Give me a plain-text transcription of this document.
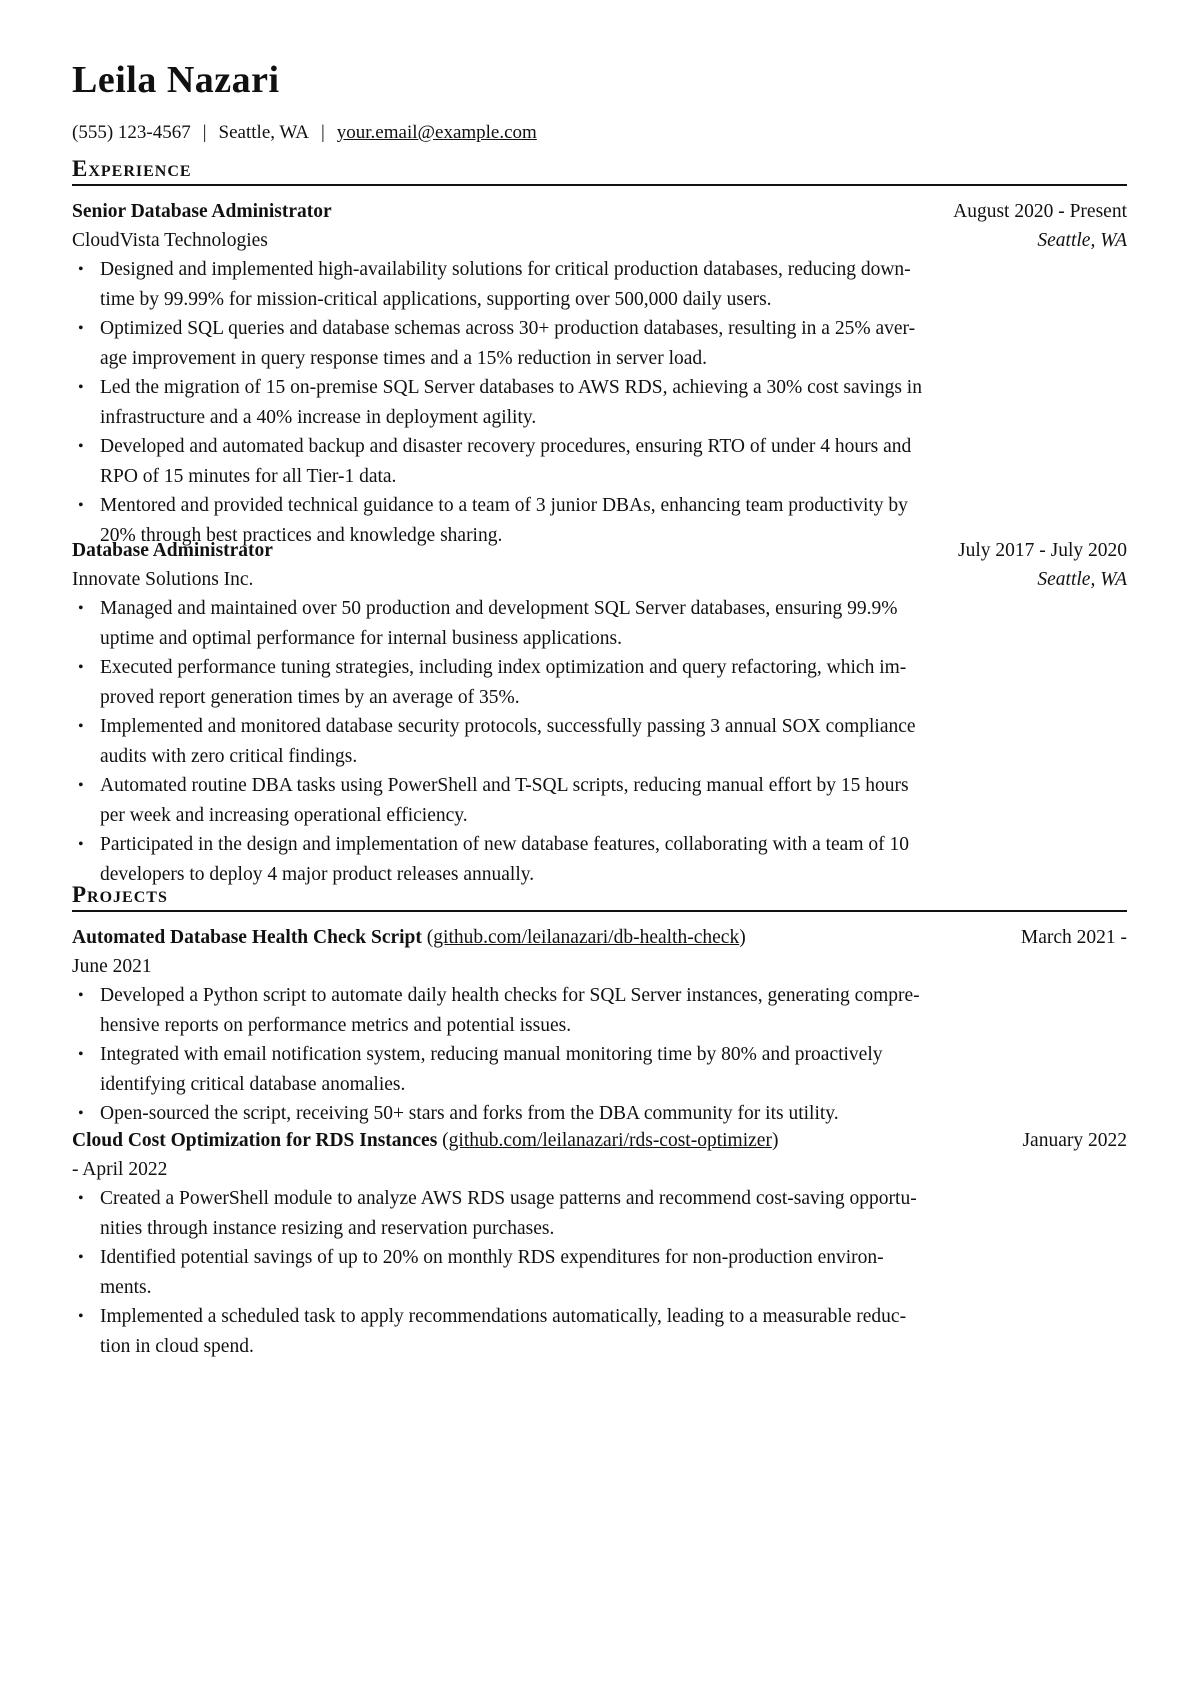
Leila Nazari
(555) 123-4567 | Seattle, WA | your.email@example.com
Experience
Senior Database Administrator	August 2020 - Present
CloudVista Technologies	Seattle, WA
• Designed and implemented high-availability solutions for critical production databases, reducing down-
time by 99.99% for mission-critical applications, supporting over 500,000 daily users.
• Optimized SQL queries and database schemas across 30+ production databases, resulting in a 25% aver-
age improvement in query response times and a 15% reduction in server load.
• Led the migration of 15 on-premise SQL Server databases to AWS RDS, achieving a 30% cost savings in
infrastructure and a 40% increase in deployment agility.
• Developed and automated backup and disaster recovery procedures, ensuring RTO of under 4 hours and
RPO of 15 minutes for all Tier-1 data.
• Mentored and provided technical guidance to a team of 3 junior DBAs, enhancing team productivity by
20% through best practices and knowledge sharing.
Database Administrator	July 2017 - July 2020
Innovate Solutions Inc.	Seattle, WA
• Managed and maintained over 50 production and development SQL Server databases, ensuring 99.9%
uptime and optimal performance for internal business applications.
• Executed performance tuning strategies, including index optimization and query refactoring, which im-
proved report generation times by an average of 35%.
• Implemented and monitored database security protocols, successfully passing 3 annual SOX compliance
audits with zero critical findings.
• Automated routine DBA tasks using PowerShell and T-SQL scripts, reducing manual effort by 15 hours
per week and increasing operational efficiency.
• Participated in the design and implementation of new database features, collaborating with a team of 10
developers to deploy 4 major product releases annually.
Projects
Automated Database Health Check Script (github.com/leilanazari/db-health-check)	March 2021 -
June 2021
• Developed a Python script to automate daily health checks for SQL Server instances, generating compre-
hensive reports on performance metrics and potential issues.
• Integrated with email notification system, reducing manual monitoring time by 80% and proactively
identifying critical database anomalies.
• Open-sourced the script, receiving 50+ stars and forks from the DBA community for its utility.
Cloud Cost Optimization for RDS Instances (github.com/leilanazari/rds-cost-optimizer)	January 2022
- April 2022
• Created a PowerShell module to analyze AWS RDS usage patterns and recommend cost-saving opportu-
nities through instance resizing and reservation purchases.
• Identified potential savings of up to 20% on monthly RDS expenditures for non-production environ-
ments.
• Implemented a scheduled task to apply recommendations automatically, leading to a measurable reduc-
tion in cloud spend.
